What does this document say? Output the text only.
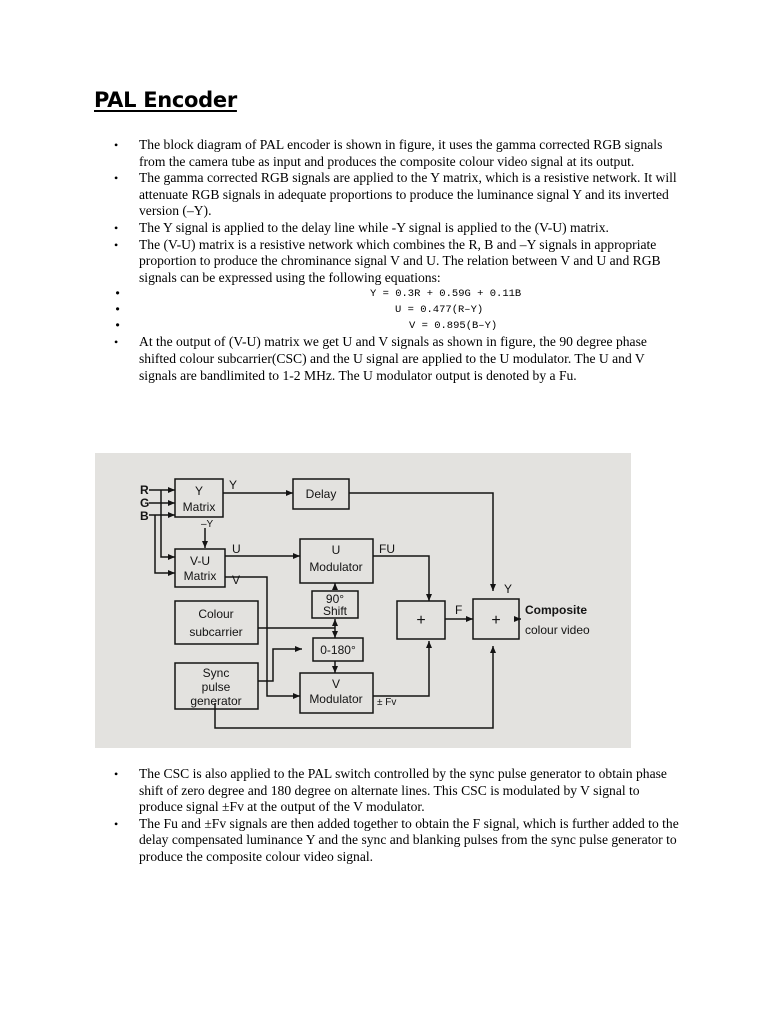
PAL Encoder
• The block diagram of PAL encoder is shown in figure, it uses the gamma corrected RGB signals from the camera tube as input and produces the composite colour video signal at its output.
• The gamma corrected RGB signals are applied to the Y matrix, which is a resistive network. It will attenuate RGB signals in adequate proportions to produce the luminance signal Y and its inverted version (–Y).
• The Y signal is applied to the delay line while -Y signal is applied to the (V-U) matrix.
• The (V-U) matrix is a resistive network which combines the R, B and –Y signals in appropriate proportion to produce the chrominance signal V and U. The relation between V and U and RGB signals can be expressed using the following equations:
•	Y = 0.3R + 0.59G + 0.11B
•	U = 0.477(R–Y)
•	V = 0.895(B–Y)
• At the output of (V-U) matrix we get U and V signals as shown in figure, the 90 degree phase shifted colour subcarrier(CSC) and the U signal are applied to the U modulator. The U and V signals are bandlimited to 1-2 MHz. The U modulator output is denoted by a Fu.
R
G
B
Y
Matrix
Y
–Y
Delay
V-U
Matrix
U
V
U
Modulator
FU
90°
Shift
Colour
subcarrier
0-180°
Sync
pulse
generator
V
Modulator ± Fv
+
F
+
Y
Composite
colour video
• The CSC is also applied to the PAL switch controlled by the sync pulse generator to obtain phase shift of zero degree and 180 degree on alternate lines. This CSC is modulated by V signal to produce signal ±Fv at the output of the V modulator.
• The Fu and ±Fv signals are then added together to obtain the F signal, which is further added to the delay compensated luminance Y and the sync and blanking pulses from the sync pulse generator to produce the composite colour video signal.
